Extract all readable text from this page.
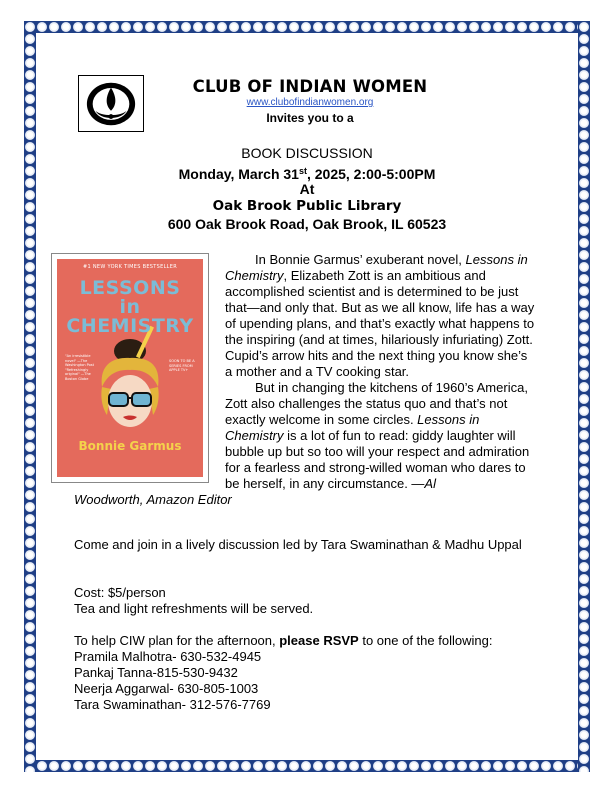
CLUB OF INDIAN WOMEN
www.clubofindianwomen.org
Invites you to a
BOOK DISCUSSION
Monday, March 31st, 2025, 2:00-5:00PM
At
Oak Brook Public Library
600 Oak Brook Road, Oak Brook, IL 60523
#1 NEW YORK TIMES BESTSELLER
LESSONS
in
CHEMISTRY
"An irresistible novel" —The Washington Post "Refreshingly original" —The Boston Globe
SOON TO BE A SERIES FROM APPLE TV+
Bonnie Garmus
In Bonnie Garmus’ exuberant novel, Lessons in Chemistry, Elizabeth Zott is an ambitious and accomplished scientist and is determined to be just that—and only that. But as we all know, life has a way of upending plans, and that’s exactly what happens to the inspiring (and at times, hilariously infuriating) Zott. Cupid’s arrow hits and the next thing you know she’s a mother and a TV cooking star.
But in changing the kitchens of 1960’s America, Zott also challenges the status quo and that’s not exactly welcome in some circles. Lessons in Chemistry is a lot of fun to read: giddy laughter will bubble up but so too will your respect and admiration for a fearless and strong-willed woman who dares to be herself, in any circumstance. —Al
Woodworth, Amazon Editor
Come and join in a lively discussion led by Tara Swaminathan & Madhu Uppal
Cost: $5/person
Tea and light refreshments will be served.
To help CIW plan for the afternoon, please RSVP to one of the following:
Pramila Malhotra- 630-532-4945
Pankaj Tanna-815-530-9432
Neerja Aggarwal- 630-805-1003
Tara Swaminathan- 312-576-7769
